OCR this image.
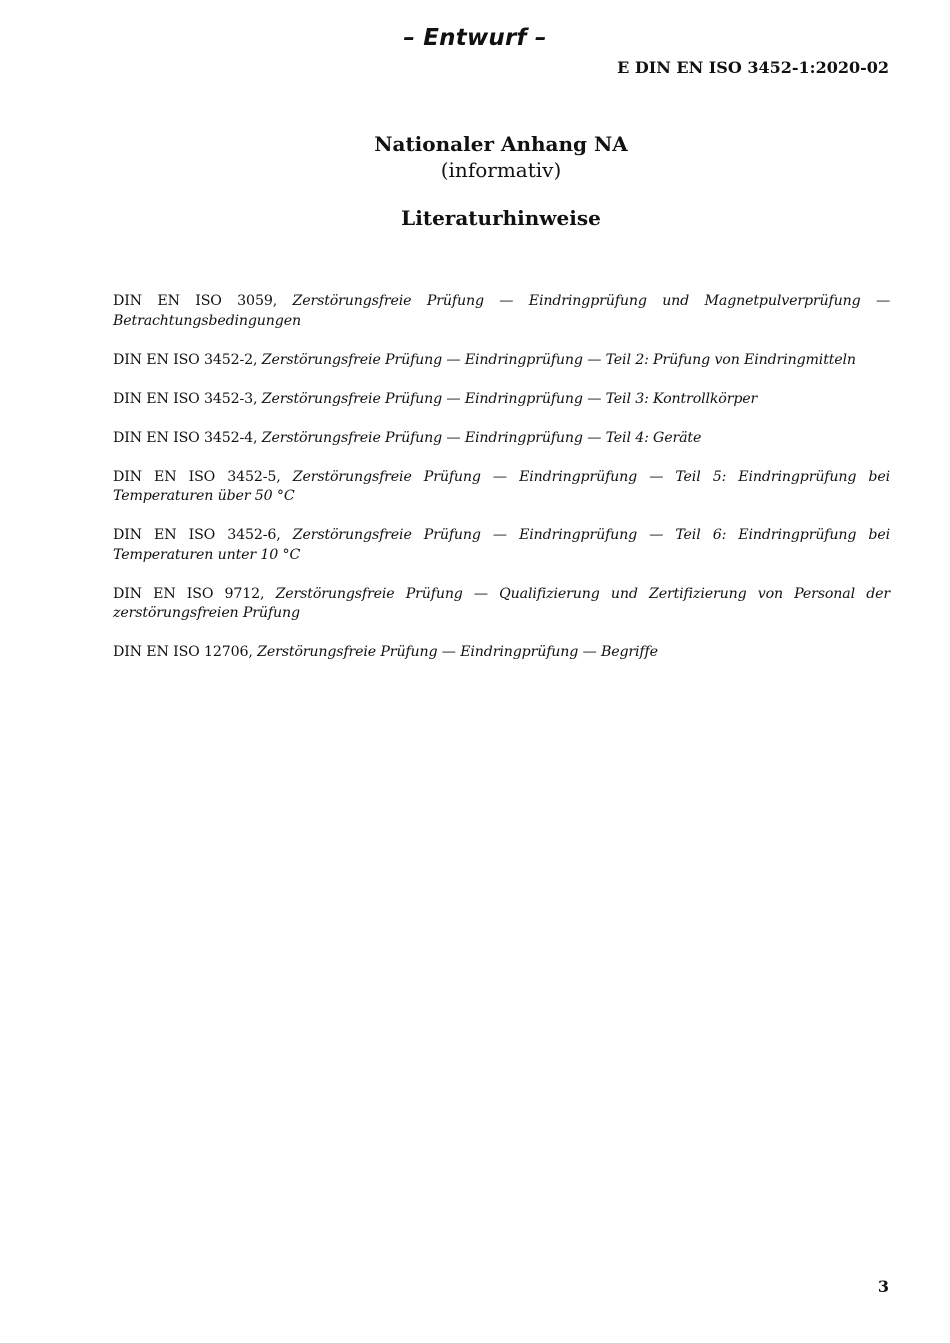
– Entwurf –
E DIN EN ISO 3452-1:2020-02
Nationaler Anhang NA
(informativ)
Literaturhinweise
DIN EN ISO 3059, Zerstörungsfreie Prüfung — Eindringprüfung und Magnetpulverprüfung — Betrachtungsbedingungen
DIN EN ISO 3452-2, Zerstörungsfreie Prüfung — Eindringprüfung — Teil 2: Prüfung von Eindringmitteln
DIN EN ISO 3452-3, Zerstörungsfreie Prüfung — Eindringprüfung — Teil 3: Kontrollkörper
DIN EN ISO 3452-4, Zerstörungsfreie Prüfung — Eindringprüfung — Teil 4: Geräte
DIN EN ISO 3452-5, Zerstörungsfreie Prüfung — Eindringprüfung — Teil 5: Eindringprüfung bei Temperaturen über 50 °C
DIN EN ISO 3452-6, Zerstörungsfreie Prüfung — Eindringprüfung — Teil 6: Eindringprüfung bei Temperaturen unter 10 °C
DIN EN ISO 9712, Zerstörungsfreie Prüfung — Qualifizierung und Zertifizierung von Personal der zerstörungsfreien Prüfung
DIN EN ISO 12706, Zerstörungsfreie Prüfung — Eindringprüfung — Begriffe
3
